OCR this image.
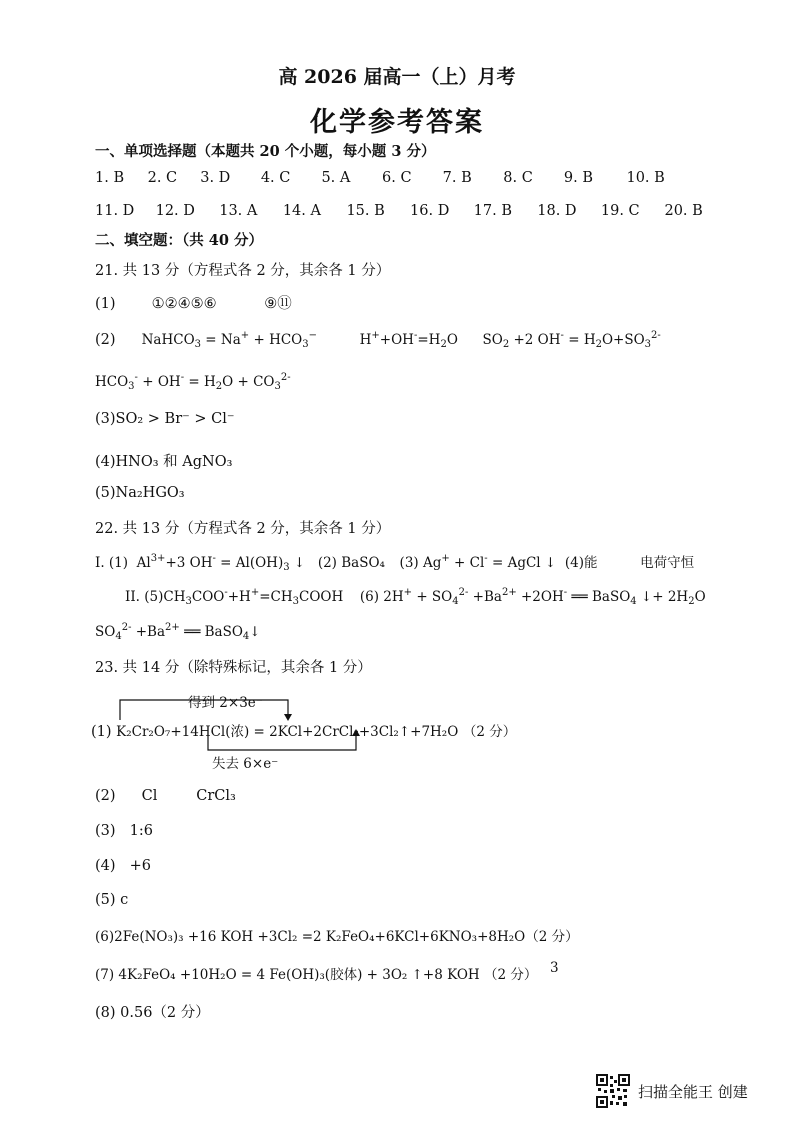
高 2026 届高一（上）月考
化学参考答案
一、单项选择题（本题共 20 个小题，每小题 3 分）
1. B 2. C 3. D 4. C 5. A 6. C 7. B 8. C 9. B 10. B
11. D 12. D 13. A 14. A 15. B 16. D 17. B 18. D 19. C 20. B
二、填空题：（共 40 分）
21. 共 13 分（方程式各 2 分，其余各 1 分）
(1) ①②④⑤⑥	⑨⑪
(2) NaHCO$_3$ = $Na^+ + HCO_3^-$	$H^++OH^-=H_2O$ $SO_2 +2$ $OH^- = H_2O+SO_3^{2-}$
$HCO_3^- + OH^- = H_2O + CO_3^{2-}$
(3)SO₂ > Br⁻ > Cl⁻
(4)HNO₃ 和 AgNO₃
(5)Na₂HGO₃
22. 共 13 分（方程式各 2 分，其余各 1 分）
I. (1)  $Al^{3+}+3$ $OH^- = Al(OH)_3$ ↓ (2) BaSO₄ (3) Ag+ + Cl- = AgCl ↓ (4)能	电荷守恒
II. $(5)CH_3COO^-+H^+=CH_3COOH$ (6) $2H^+ + SO_4^{2-} +Ba^{2+} +2OH^-$ ══ BaSO$_4$ ↓+ $2H_2O$
$SO_4^{2-} +Ba^{2+}$ ══ BaSO$_4$↓
23. 共 14 分（除特殊标记，其余各 1 分）
得到 2×3e⁻
失去 6×e⁻
(1) K₂Cr₂O₇+14HCl(浓) = 2KCl+2CrCl₃+3Cl₂↑+7H₂O （2 分）
(2) Cl	CrCl₃
(3) 1:6
(4) +6
(5) c
(6)2Fe(NO₃)₃ +16 KOH +3Cl₂ =2 K₂FeO₄+6KCl+6KNO₃+8H₂O（2 分）
(7) 4K₂FeO₄ +10H₂O = 4 Fe(OH)₃(胶体) + 3O₂ ↑+8 KOH （2 分） 3
(8) 0.56（2 分）
扫描全能王 创建
